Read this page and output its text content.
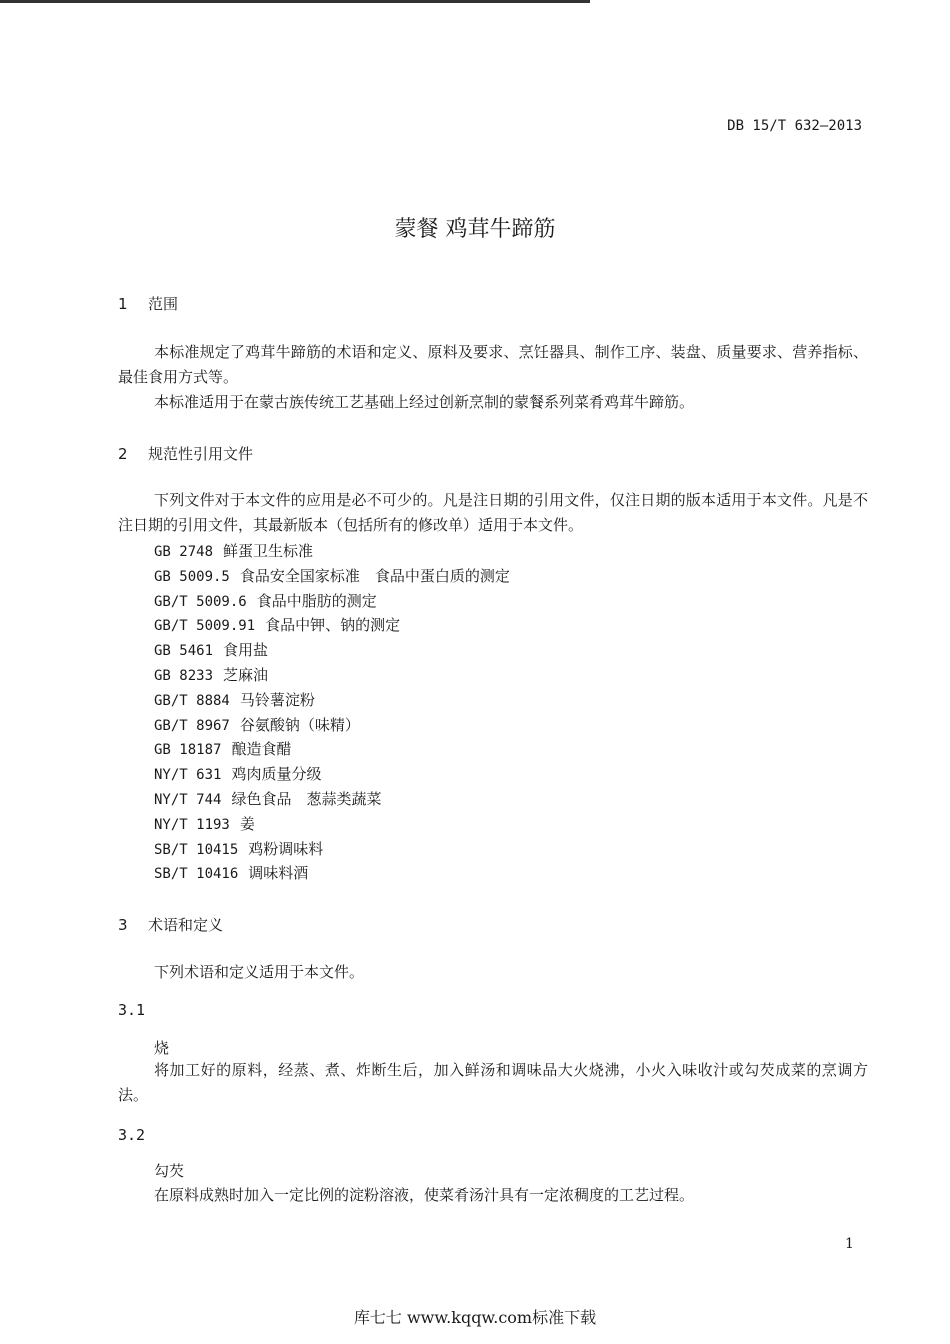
DB 15/T 632—2013
蒙餐 鸡茸牛蹄筋
1 范围
本标准规定了鸡茸牛蹄筋的术语和定义、原料及要求、烹饪器具、制作工序、装盘、质量要求、营养指标、最佳食用方式等。
本标准适用于在蒙古族传统工艺基础上经过创新烹制的蒙餐系列菜肴鸡茸牛蹄筋。
2 规范性引用文件
下列文件对于本文件的应用是必不可少的。凡是注日期的引用文件，仅注日期的版本适用于本文件。凡是不注日期的引用文件，其最新版本（包括所有的修改单）适用于本文件。
GB 2748 鲜蛋卫生标准
GB 5009.5 食品安全国家标准　食品中蛋白质的测定
GB/T 5009.6 食品中脂肪的测定
GB/T 5009.91 食品中钾、钠的测定
GB 5461 食用盐
GB 8233 芝麻油
GB/T 8884 马铃薯淀粉
GB/T 8967 谷氨酸钠（味精）
GB 18187 酿造食醋
NY/T 631 鸡肉质量分级
NY/T 744 绿色食品　葱蒜类蔬菜
NY/T 1193 姜
SB/T 10415 鸡粉调味料
SB/T 10416 调味料酒
3 术语和定义
下列术语和定义适用于本文件。
3.1
烧
将加工好的原料，经蒸、煮、炸断生后，加入鲜汤和调味品大火烧沸，小火入味收汁或勾芡成菜的烹调方法。
3.2
勾芡
在原料成熟时加入一定比例的淀粉溶液，使菜肴汤汁具有一定浓稠度的工艺过程。
1
库七七 www.kqqw.com标准下载
